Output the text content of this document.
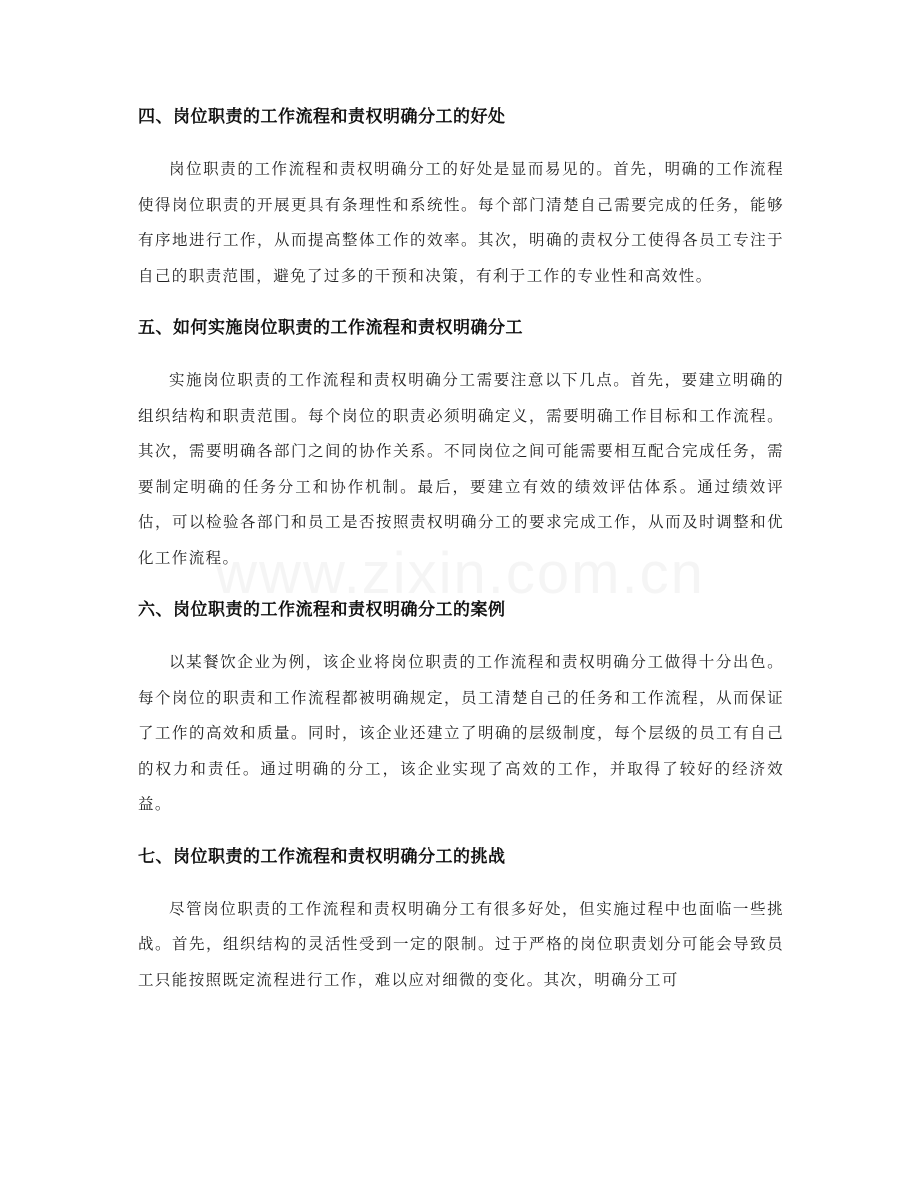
www.zixin.com.cn
四、岗位职责的工作流程和责权明确分工的好处

岗位职责的工作流程和责权明确分工的好处是显而易见的。首先，明确的工作流程使得岗位职责的开展更具有条理性和系统性。每个部门清楚自己需要完成的任务，能够有序地进行工作，从而提高整体工作的效率。其次，明确的责权分工使得各员工专注于自己的职责范围，避免了过多的干预和决策，有利于工作的专业性和高效性。

五、如何实施岗位职责的工作流程和责权明确分工

实施岗位职责的工作流程和责权明确分工需要注意以下几点。首先，要建立明确的组织结构和职责范围。每个岗位的职责必须明确定义，需要明确工作目标和工作流程。其次，需要明确各部门之间的协作关系。不同岗位之间可能需要相互配合完成任务，需要制定明确的任务分工和协作机制。最后，要建立有效的绩效评估体系。通过绩效评估，可以检验各部门和员工是否按照责权明确分工的要求完成工作，从而及时调整和优化工作流程。

六、岗位职责的工作流程和责权明确分工的案例

以某餐饮企业为例，该企业将岗位职责的工作流程和责权明确分工做得十分出色。每个岗位的职责和工作流程都被明确规定，员工清楚自己的任务和工作流程，从而保证了工作的高效和质量。同时，该企业还建立了明确的层级制度，每个层级的员工有自己的权力和责任。通过明确的分工，该企业实现了高效的工作，并取得了较好的经济效益。

七、岗位职责的工作流程和责权明确分工的挑战

尽管岗位职责的工作流程和责权明确分工有很多好处，但实施过程中也面临一些挑战。首先，组织结构的灵活性受到一定的限制。过于严格的岗位职责划分可能会导致员工只能按照既定流程进行工作，难以应对细微的变化。其次，明确分工可
